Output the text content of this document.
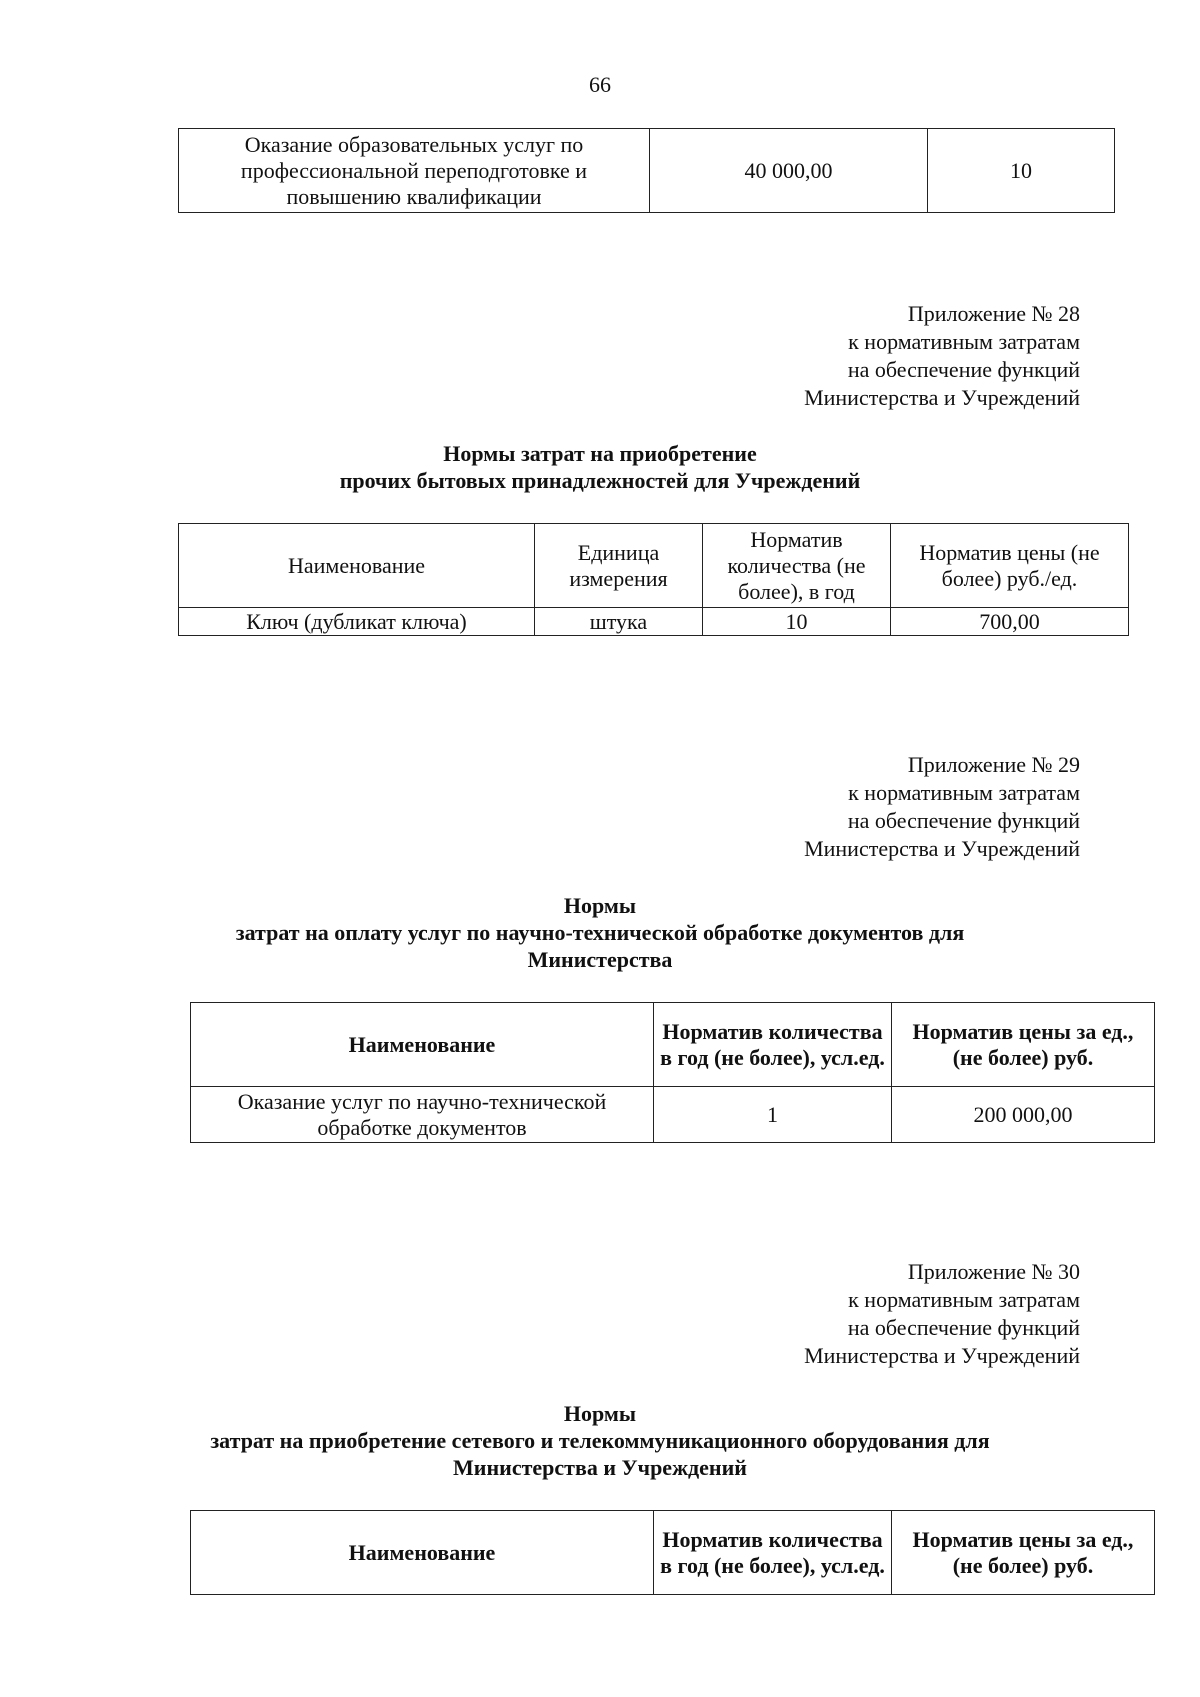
66
Оказание образовательных услуг по профессиональной переподготовке и повышению квалификации	40 000,00	10
Приложение № 28
к нормативным затратам
на обеспечение функций
Министерства и Учреждений
Нормы затрат на приобретение
прочих бытовых принадлежностей для Учреждений
Наименование	Единица измерения	Норматив количества (не более), в год	Норматив цены (не более) руб./ед.
Ключ (дубликат ключа)	штука	10	700,00
Приложение № 29
к нормативным затратам
на обеспечение функций
Министерства и Учреждений
Нормы
затрат на оплату услуг по научно-технической обработке документов для
Министерства
Наименование	Норматив количества в год (не более), усл.ед.	Норматив цены за ед., (не более) руб.
Оказание услуг по научно-технической обработке документов	1	200 000,00
Приложение № 30
к нормативным затратам
на обеспечение функций
Министерства и Учреждений
Нормы
затрат на приобретение сетевого и телекоммуникационного оборудования для
Министерства и Учреждений
Наименование	Норматив количества в год (не более), усл.ед.	Норматив цены за ед., (не более) руб.
